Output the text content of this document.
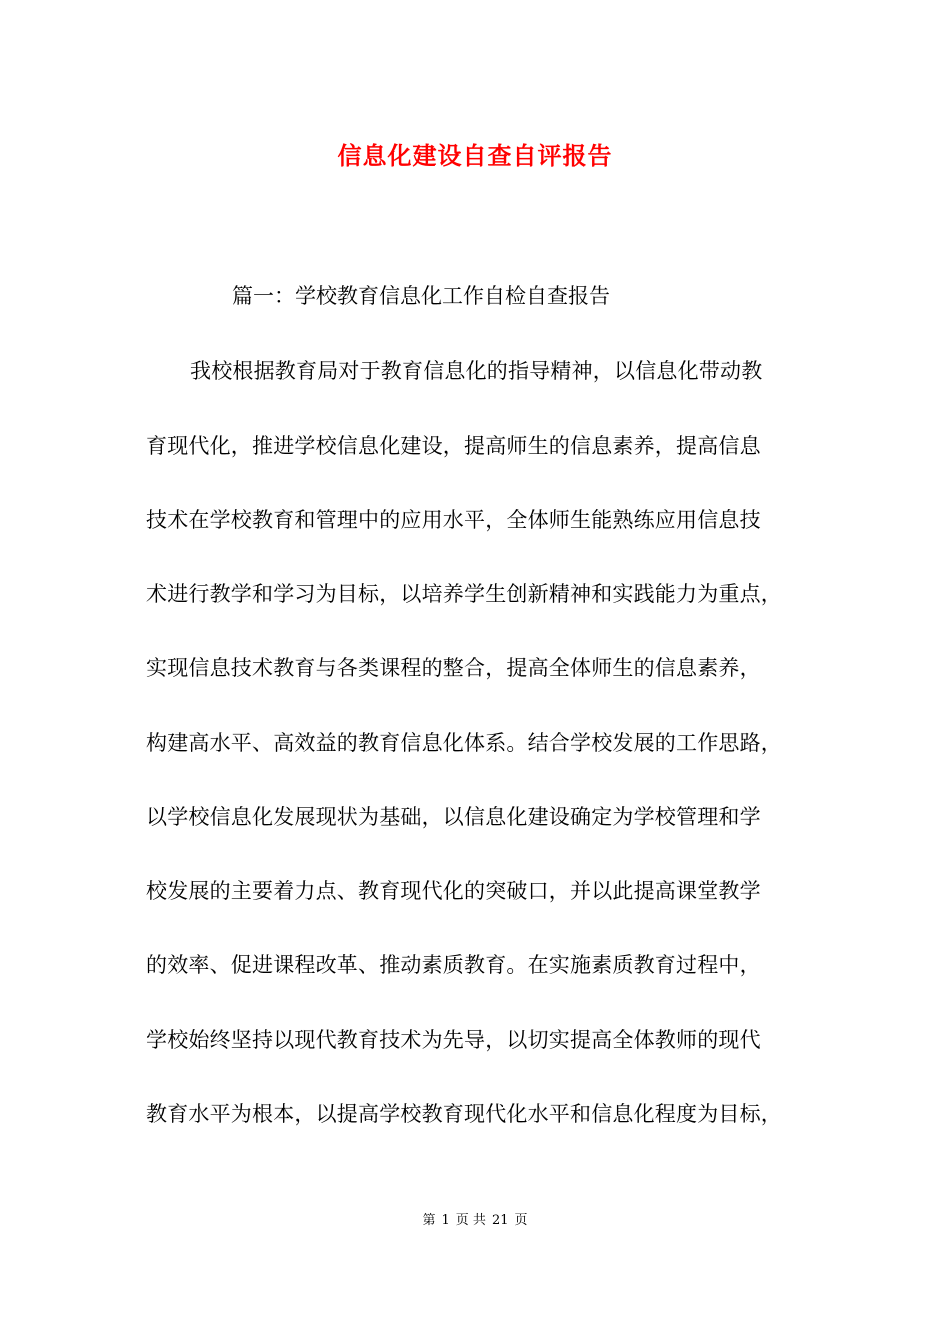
信息化建设自查自评报告

篇一：学校教育信息化工作自检自查报告

我校根据教育局对于教育信息化的指导精神，以信息化带动教

育现代化，推进学校信息化建设，提高师生的信息素养，提高信息

技术在学校教育和管理中的应用水平，全体师生能熟练应用信息技

术进行教学和学习为目标，以培养学生创新精神和实践能力为重点，

实现信息技术教育与各类课程的整合，提高全体师生的信息素养，

构建高水平、高效益的教育信息化体系。结合学校发展的工作思路，

以学校信息化发展现状为基础，以信息化建设确定为学校管理和学

校发展的主要着力点、教育现代化的突破口，并以此提高课堂教学

的效率、促进课程改革、推动素质教育。在实施素质教育过程中，

学校始终坚持以现代教育技术为先导，以切实提高全体教师的现代

教育水平为根本，以提高学校教育现代化水平和信息化程度为目标，

第 1 页 共 21 页
